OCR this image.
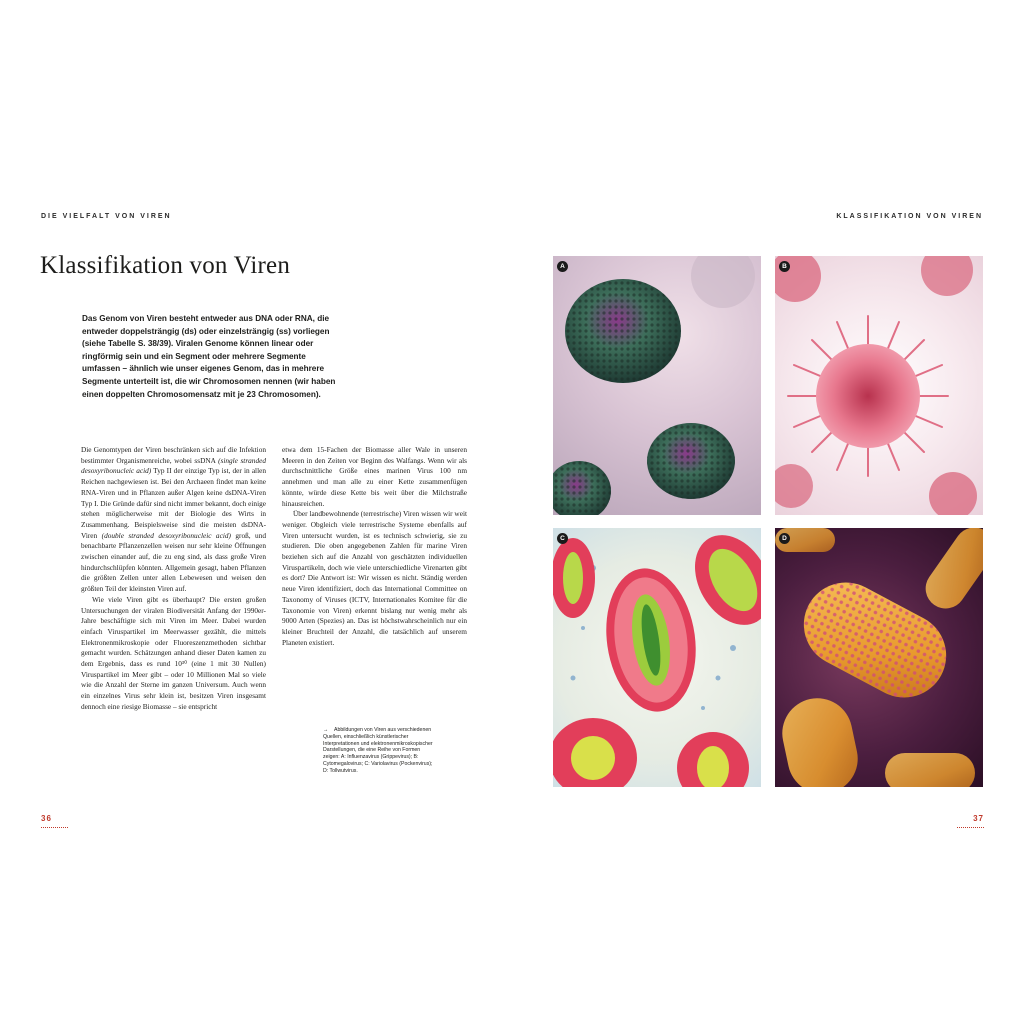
DIE VIELFALT VON VIREN	KLASSIFIKATION VON VIREN
Klassifikation von Viren

Das Genom von Viren besteht entweder aus DNA oder RNA, die entweder doppelsträngig (ds) oder einzelsträngig (ss) vorliegen (siehe Tabelle S. 38/39). Viralen Genome können linear oder ringförmig sein und ein Segment oder mehrere Segmente umfassen – ähnlich wie unser eigenes Genom, das in mehrere Segmente unterteilt ist, die wir Chromosomen nennen (wir haben einen doppelten Chromosomensatz mit je 23 Chromosomen).

Die Genomtypen der Viren beschränken sich auf die Infektion bestimmter Organismenreiche, wobei ssDNA (single stranded desoxyribonucleic acid) Typ II der einzige Typ ist, der in allen Reichen nachgewiesen ist. Bei den Archaeen findet man keine RNA-Viren und in Pflanzen außer Algen keine dsDNA-Viren Typ I. Die Gründe dafür sind nicht immer bekannt, doch einige stehen möglicherweise mit der Biologie des Wirts in Zusammenhang. Beispielsweise sind die meisten dsDNA-Viren (double stranded desoxyribonucleic acid) groß, und benachbarte Pflanzenzellen weisen nur sehr kleine Öffnungen zwischen einander auf, die zu eng sind, als dass große Viren hindurchschlüpfen könnten. Allgemein gesagt, haben Pflanzen die größten Zellen unter allen Lebewesen und weisen den größten Teil der kleinsten Viren auf.

Wie viele Viren gibt es überhaupt? Die ersten großen Untersuchungen der viralen Biodiversität Anfang der 1990er-Jahre beschäftigte sich mit Viren im Meer. Dabei wurden einfach Viruspartikel im Meerwasser gezählt, die mittels Elektronenmikroskopie oder Fluoreszenzmethoden sichtbar gemacht wurden. Schätzungen anhand dieser Daten kamen zu dem Ergebnis, dass es rund 10³⁰ (eine 1 mit 30 Nullen) Viruspartikel im Meer gibt – oder 10 Millionen Mal so viele wie die Anzahl der Sterne im ganzen Universum. Auch wenn ein einzelnes Virus sehr klein ist, besitzen Viren insgesamt dennoch eine riesige Biomasse – sie entspricht

etwa dem 15-Fachen der Biomasse aller Wale in unseren Meeren in den Zeiten vor Beginn des Walfangs. Wenn wir als durchschnittliche Größe eines marinen Virus 100 nm annehmen und man alle zu einer Kette zusammenfügen könnte, würde diese Kette bis weit über die Milchstraße hinausreichen.

Über landbewohnende (terrestrische) Viren wissen wir weit weniger. Obgleich viele terrestrische Systeme ebenfalls auf Viren untersucht wurden, ist es technisch schwierig, sie zu studieren. Die oben angegebenen Zahlen für marine Viren beziehen sich auf die Anzahl von geschätzten individuellen Viruspartikeln, doch wie viele unterschiedliche Virenarten gibt es dort? Die Antwort ist: Wir wissen es nicht. Ständig werden neue Viren identifiziert, doch das International Committee on Taxonomy of Viruses (ICTV, Internationales Komitee für die Taxonomie von Viren) erkennt bislang nur wenig mehr als 9000 Arten (Spezies) an. Das ist höchstwahrscheinlich nur ein kleiner Bruchteil der Anzahl, die tatsächlich auf unserem Planeten existiert.

→ Abbildungen von Viren aus verschiedenen Quellen, einschließlich künstlerischer Interpretationen und elektronenmikroskopischer Darstellungen, die eine Reihe von Formen zeigen: A: Influenzavirus (Grippevirus); B: Cytomegalovirus; C: Variolavirus (Pockenvirus); D: Tollwutvirus.
A	B
C	D
36	37
